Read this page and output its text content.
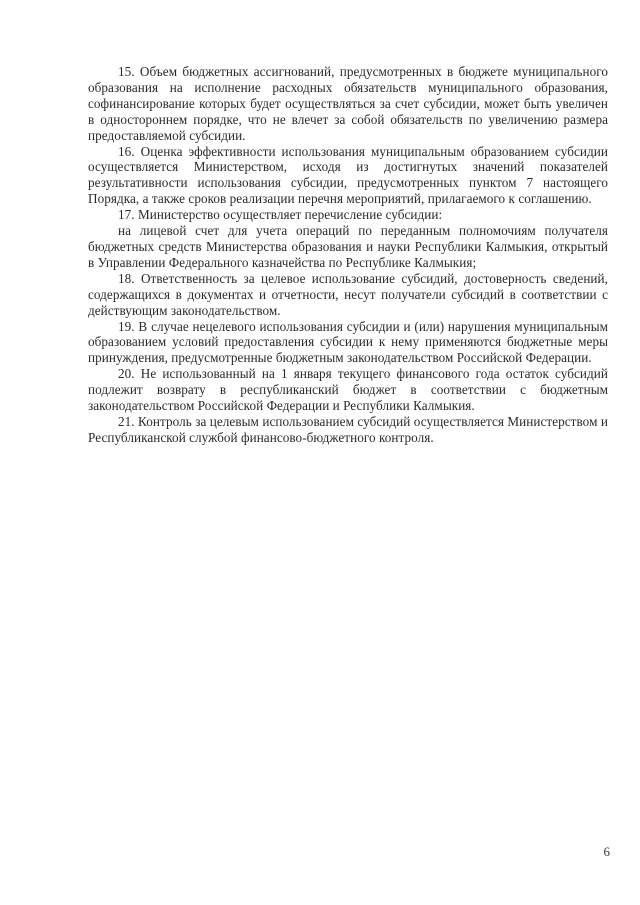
15. Объем бюджетных ассигнований, предусмотренных в бюджете муниципального образования на исполнение расходных обязательств муниципального образования, софинансирование которых будет осуществляться за счет субсидии, может быть увеличен в одностороннем порядке, что не влечет за собой обязательств по увеличению размера предоставляемой субсидии.

16. Оценка эффективности использования муниципальным образованием субсидии осуществляется Министерством, исходя из достигнутых значений показателей результативности использования субсидии, предусмотренных пунктом 7 настоящего Порядка, а также сроков реализации перечня мероприятий, прилагаемого к соглашению.

17. Министерство осуществляет перечисление субсидии:

на лицевой счет для учета операций по переданным полномочиям получателя бюджетных средств Министерства образования и науки Республики Калмыкия, открытый в Управлении Федерального казначейства по Республике Калмыкия;

18. Ответственность за целевое использование субсидий, достоверность сведений, содержащихся в документах и отчетности, несут получатели субсидий в соответствии с действующим законодательством.

19. В случае нецелевого использования субсидии и (или) нарушения муниципальным образованием условий предоставления субсидии к нему применяются бюджетные меры принуждения, предусмотренные бюджетным законодательством Российской Федерации.

20. Не использованный на 1 января текущего финансового года остаток субсидий подлежит возврату в республиканский бюджет в соответствии с бюджетным законодательством Российской Федерации и Республики Калмыкия.

21. Контроль за целевым использованием субсидий осуществляется Министерством и Республиканской службой финансово-бюджетного контроля.

6
